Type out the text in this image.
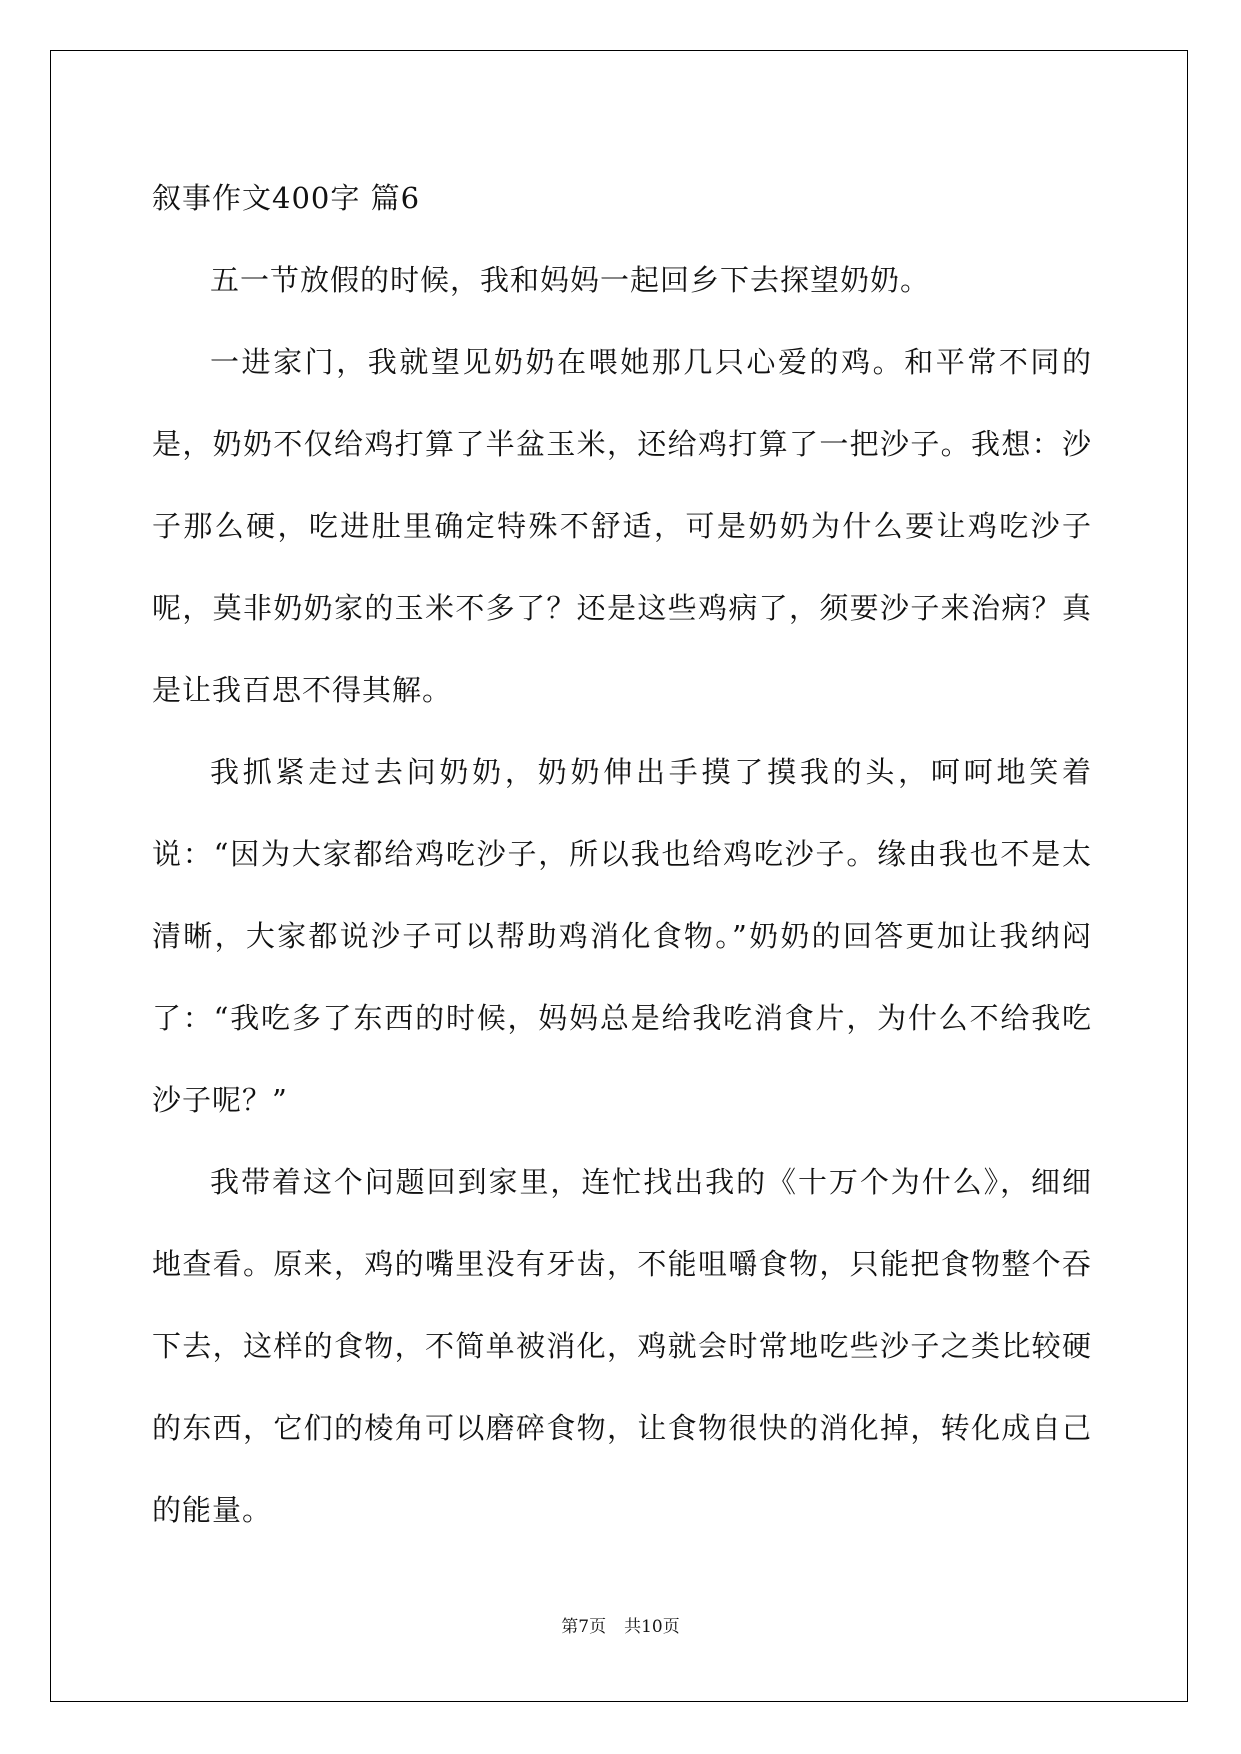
叙事作文400字 篇6

五一节放假的时候，我和妈妈一起回乡下去探望奶奶。

一进家门，我就望见奶奶在喂她那几只心爱的鸡。和平常不同的是，奶奶不仅给鸡打算了半盆玉米，还给鸡打算了一把沙子。我想：沙子那么硬，吃进肚里确定特殊不舒适，可是奶奶为什么要让鸡吃沙子呢，莫非奶奶家的玉米不多了？还是这些鸡病了，须要沙子来治病？真是让我百思不得其解。

我抓紧走过去问奶奶，奶奶伸出手摸了摸我的头，呵呵地笑着说：“因为大家都给鸡吃沙子，所以我也给鸡吃沙子。缘由我也不是太清晰，大家都说沙子可以帮助鸡消化食物。”奶奶的回答更加让我纳闷了：“我吃多了东西的时候，妈妈总是给我吃消食片，为什么不给我吃沙子呢？”

我带着这个问题回到家里，连忙找出我的《十万个为什么》，细细地查看。原来，鸡的嘴里没有牙齿，不能咀嚼食物，只能把食物整个吞下去，这样的食物，不简单被消化，鸡就会时常地吃些沙子之类比较硬的东西，它们的棱角可以磨碎食物，让食物很快的消化掉，转化成自己的能量。

第7页 共10页
